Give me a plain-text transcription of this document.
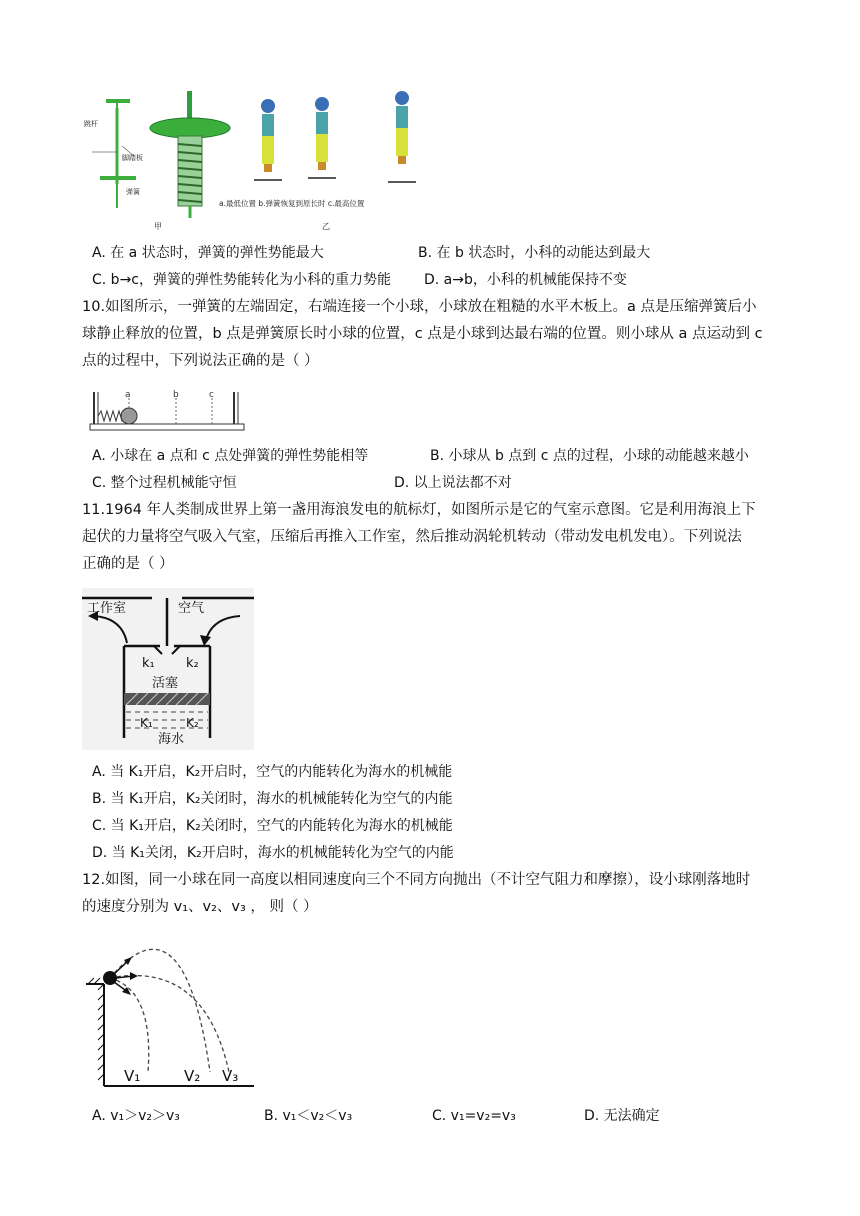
跳杆
脚踏板
弹簧
甲
a.最低位置 b.弹簧恢复到原长时 c.最高位置
乙
A. 在 a 状态时，弹簧的弹性势能最大	B. 在 b 状态时，小科的动能达到最大
C. b→c，弹簧的弹性势能转化为小科的重力势能 D. a→b，小科的机械能保持不变
10.如图所示，一弹簧的左端固定，右端连接一个小球，小球放在粗糙的水平木板上。a 点是压缩弹簧后小
球静止释放的位置，b 点是弹簧原长时小球的位置，c 点是小球到达最右端的位置。则小球从 a 点运动到 c
点的过程中，下列说法正确的是（ ）
a	b	c
A. 小球在 a 点和 c 点处弹簧的弹性势能相等	B. 小球从 b 点到 c 点的过程，小球的动能越来越小
C. 整个过程机械能守恒	D. 以上说法都不对
11.1964 年人类制成世界上第一盏用海浪发电的航标灯，如图所示是它的气室示意图。它是利用海浪上下
起伏的力量将空气吸入气室，压缩后再推入工作室，然后推动涡轮机转动（带动发电机发电）。下列说法
正确的是（ ）
工作室	空气
k₁ k₂
活塞
K₁	K₂
海水
A. 当 K₁开启，K₂开启时，空气的内能转化为海水的机械能
B. 当 K₁开启，K₂关闭时，海水的机械能转化为空气的内能
C. 当 K₁开启，K₂关闭时，空气的内能转化为海水的机械能
D. 当 K₁关闭，K₂开启时，海水的机械能转化为空气的内能
12.如图，同一小球在同一高度以相同速度向三个不同方向抛出（不计空气阻力和摩擦），设小球刚落地时
的速度分别为 v₁、v₂、v₃ ， 则（ ）
V₁	V₂ V₃
A. v₁＞v₂＞v₃	B. v₁＜v₂＜v₃	C. v₁=v₂=v₃	D. 无法确定
